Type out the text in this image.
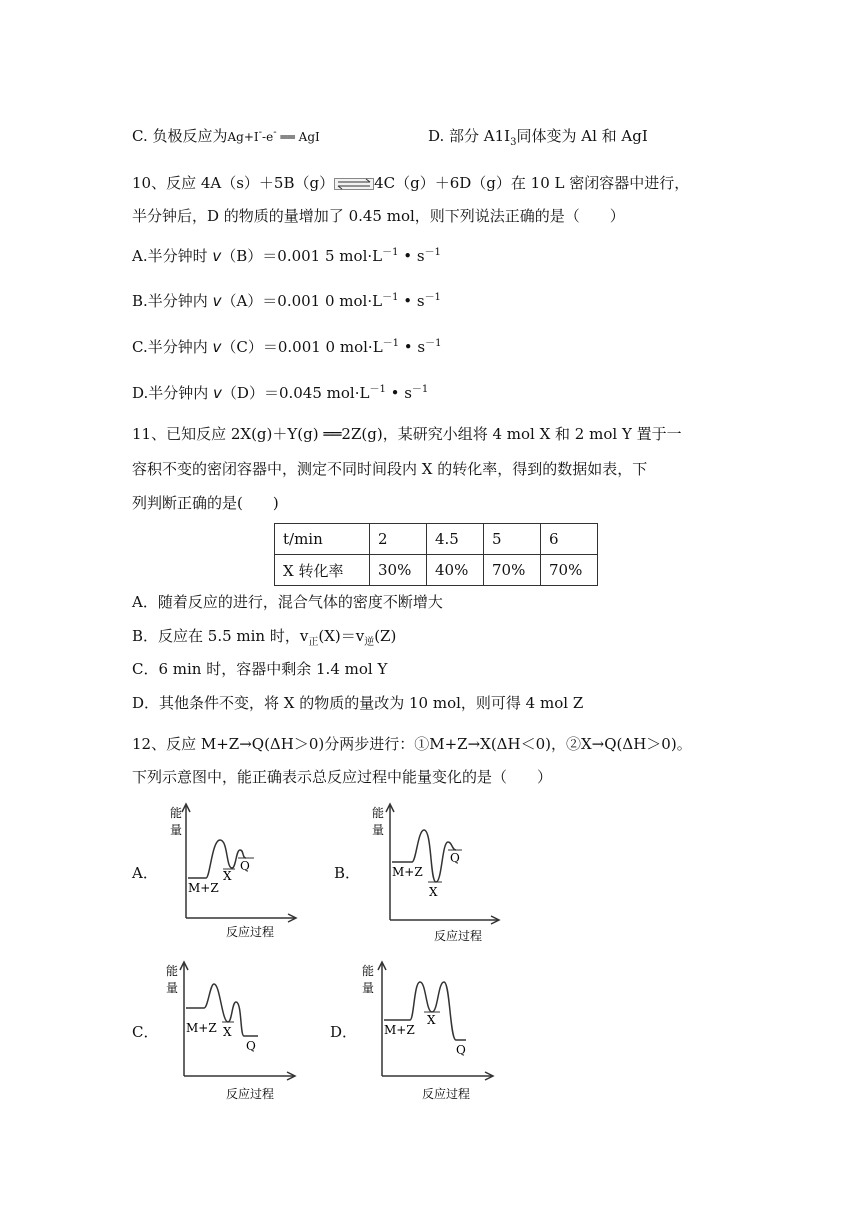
C. 负极反应为Ag+I--e- ══ AgI	D. 部分 $A1I_3$同体变为 Al 和 AgI
10、反应 4A（s）＋5B（g）	4C（g）＋6D（g）在 10 L 密闭容器中进行，
半分钟后，D 的物质的量增加了 0.45 mol，则下列说法正确的是（　　）
A.半分钟时 v（B）＝0.001 5 $mol\cdot L^{-1}$ • $s^{-1}$
B.半分钟内 v（A）＝0.001 0 $mol\cdot L^{-1}$ • $s^{-1}$
C.半分钟内 v（C）＝0.001 0 $mol\cdot L^{-1}$ • $s^{-1}$
D.半分钟内 v（D）＝0.045 $mol\cdot L^{-1}$ • $s^{-1}$
11、已知反应 2X(g)＋Y(g) ══2Z(g)，某研究小组将 4 mol X 和 2 mol Y 置于一
容积不变的密闭容器中，测定不同时间段内 X 的转化率，得到的数据如表，下
列判断正确的是(　　)
t/min	2	4.5	5	6
X 转化率	30%	40%	70%	70%
A．随着反应的进行，混合气体的密度不断增大
B．反应在 5.5 min 时，$v_正(X)=v_逆(Z)$
C．6 min 时，容器中剩余 1.4 mol Y
D．其他条件不变，将 X 的物质的量改为 10 mol，则可得 4 mol Z
12、反应 M+Z→Q(ΔH＞0)分两步进行：①M+Z→X(ΔH＜0)，②X→Q(ΔH＞0)。
下列示意图中，能正确表示总反应过程中能量变化的是（　　）
A．	B．
C．	D．
能
量
M+Z
X
Q
反应过程
能
量
M+Z
X
Q
反应过程
能
量
M+Z X
Q
反应过程
能
量
M+Z
X
Q
反应过程
